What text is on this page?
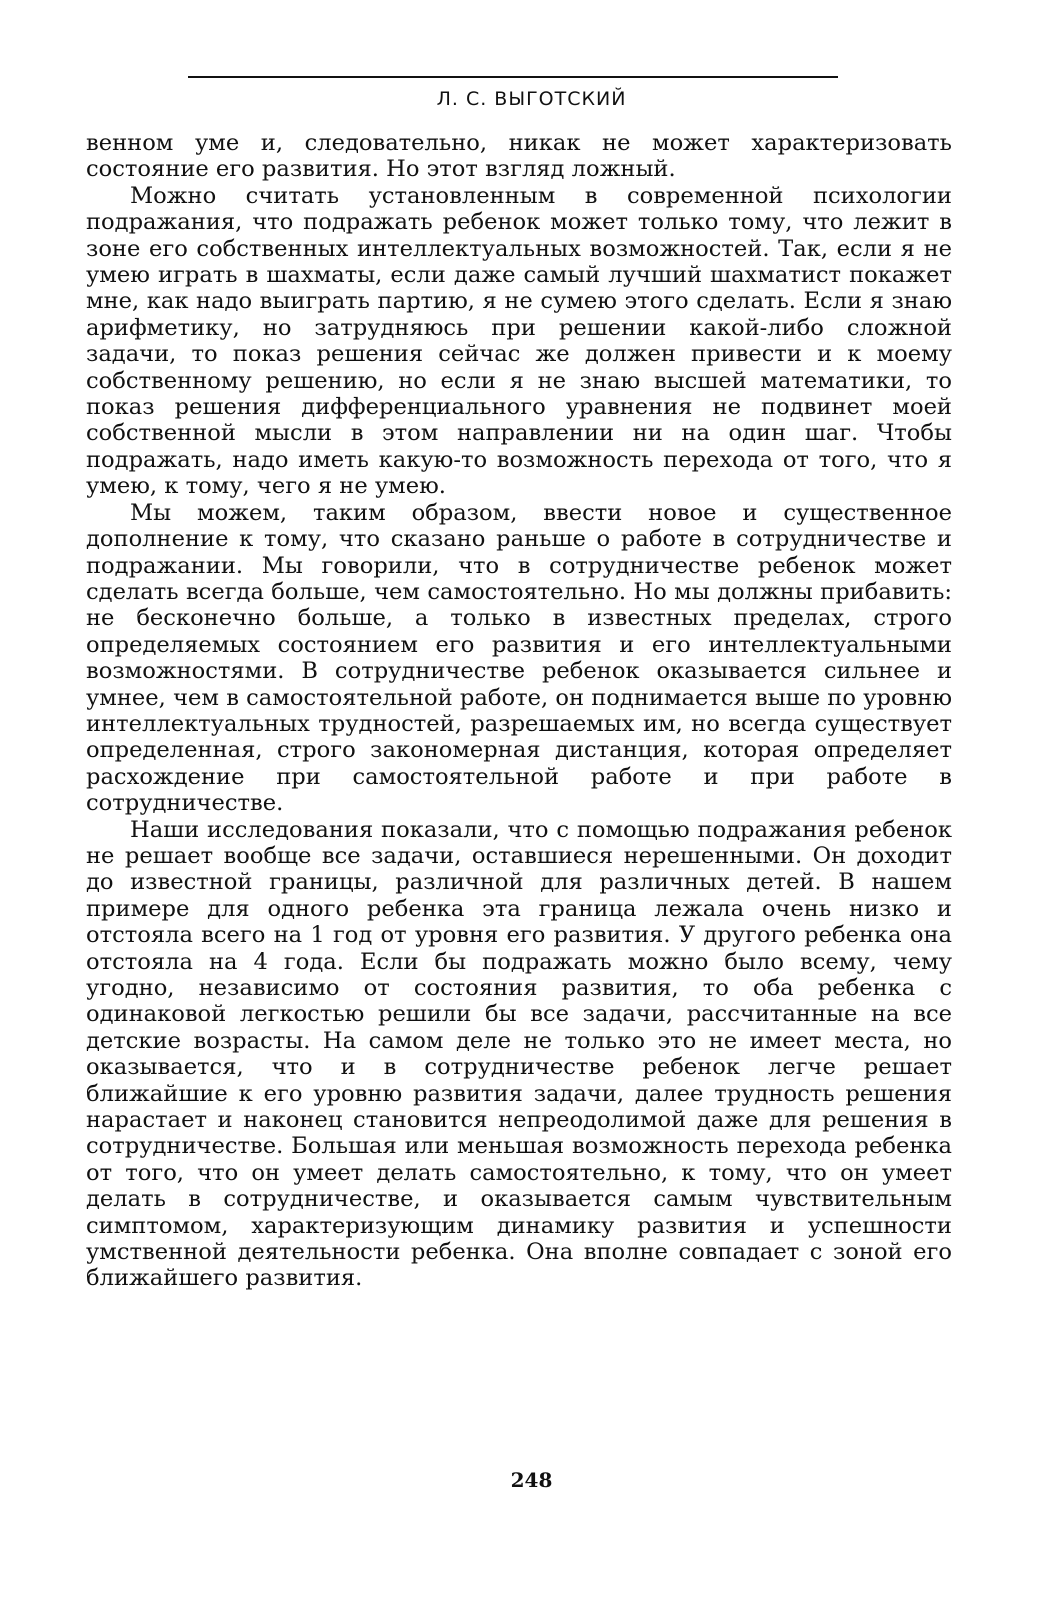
Л. С. ВЫГОТСКИЙ

венном уме и, следовательно, никак не может характеризовать состояние его развития. Но этот взгляд ложный.

Можно считать установленным в современной психологии подражания, что подражать ребенок может только тому, что лежит в зоне его собственных интеллектуальных возможностей. Так, если я не умею играть в шахматы, если даже самый лучший шахматист покажет мне, как надо выиграть партию, я не сумею этого сделать. Если я знаю арифметику, но затрудняюсь при решении какой-либо сложной задачи, то показ решения сейчас же должен привести и к моему собственному решению, но если я не знаю высшей математики, то показ решения дифференциального уравнения не подвинет моей собственной мысли в этом направлении ни на один шаг. Чтобы подражать, надо иметь какую-то возможность перехода от того, что я умею, к тому, чего я не умею.

Мы можем, таким образом, ввести новое и существенное дополнение к тому, что сказано раньше о работе в сотрудничестве и подражании. Мы говорили, что в сотрудничестве ребенок может сделать всегда больше, чем самостоятельно. Но мы должны прибавить: не бесконечно больше, а только в известных пределах, строго определяемых состоянием его развития и его интеллектуальными возможностями. В сотрудничестве ребенок оказывается сильнее и умнее, чем в самостоятельной работе, он поднимается выше по уровню интеллектуальных трудностей, разрешаемых им, но всегда существует определенная, строго закономерная дистанция, которая определяет расхождение при самостоятельной работе и при работе в сотрудничестве.

Наши исследования показали, что с помощью подражания ребенок не решает вообще все задачи, оставшиеся нерешенными. Он доходит до известной границы, различной для различных детей. В нашем примере для одного ребенка эта граница лежала очень низко и отстояла всего на 1 год от уровня его развития. У другого ребенка она отстояла на 4 года. Если бы подражать можно было всему, чему угодно, независимо от состояния развития, то оба ребенка с одинаковой легкостью решили бы все задачи, рассчитанные на все детские возрасты. На самом деле не только это не имеет места, но оказывается, что и в сотрудничестве ребенок легче решает ближайшие к его уровню развития задачи, далее трудность решения нарастает и наконец становится непреодолимой даже для решения в сотрудничестве. Большая или меньшая возможность перехода ребенка от того, что он умеет делать самостоятельно, к тому, что он умеет делать в сотрудничестве, и оказывается самым чувствительным симптомом, характеризующим динамику развития и успешности умственной деятельности ребенка. Она вполне совпадает с зоной его ближайшего развития.

248
